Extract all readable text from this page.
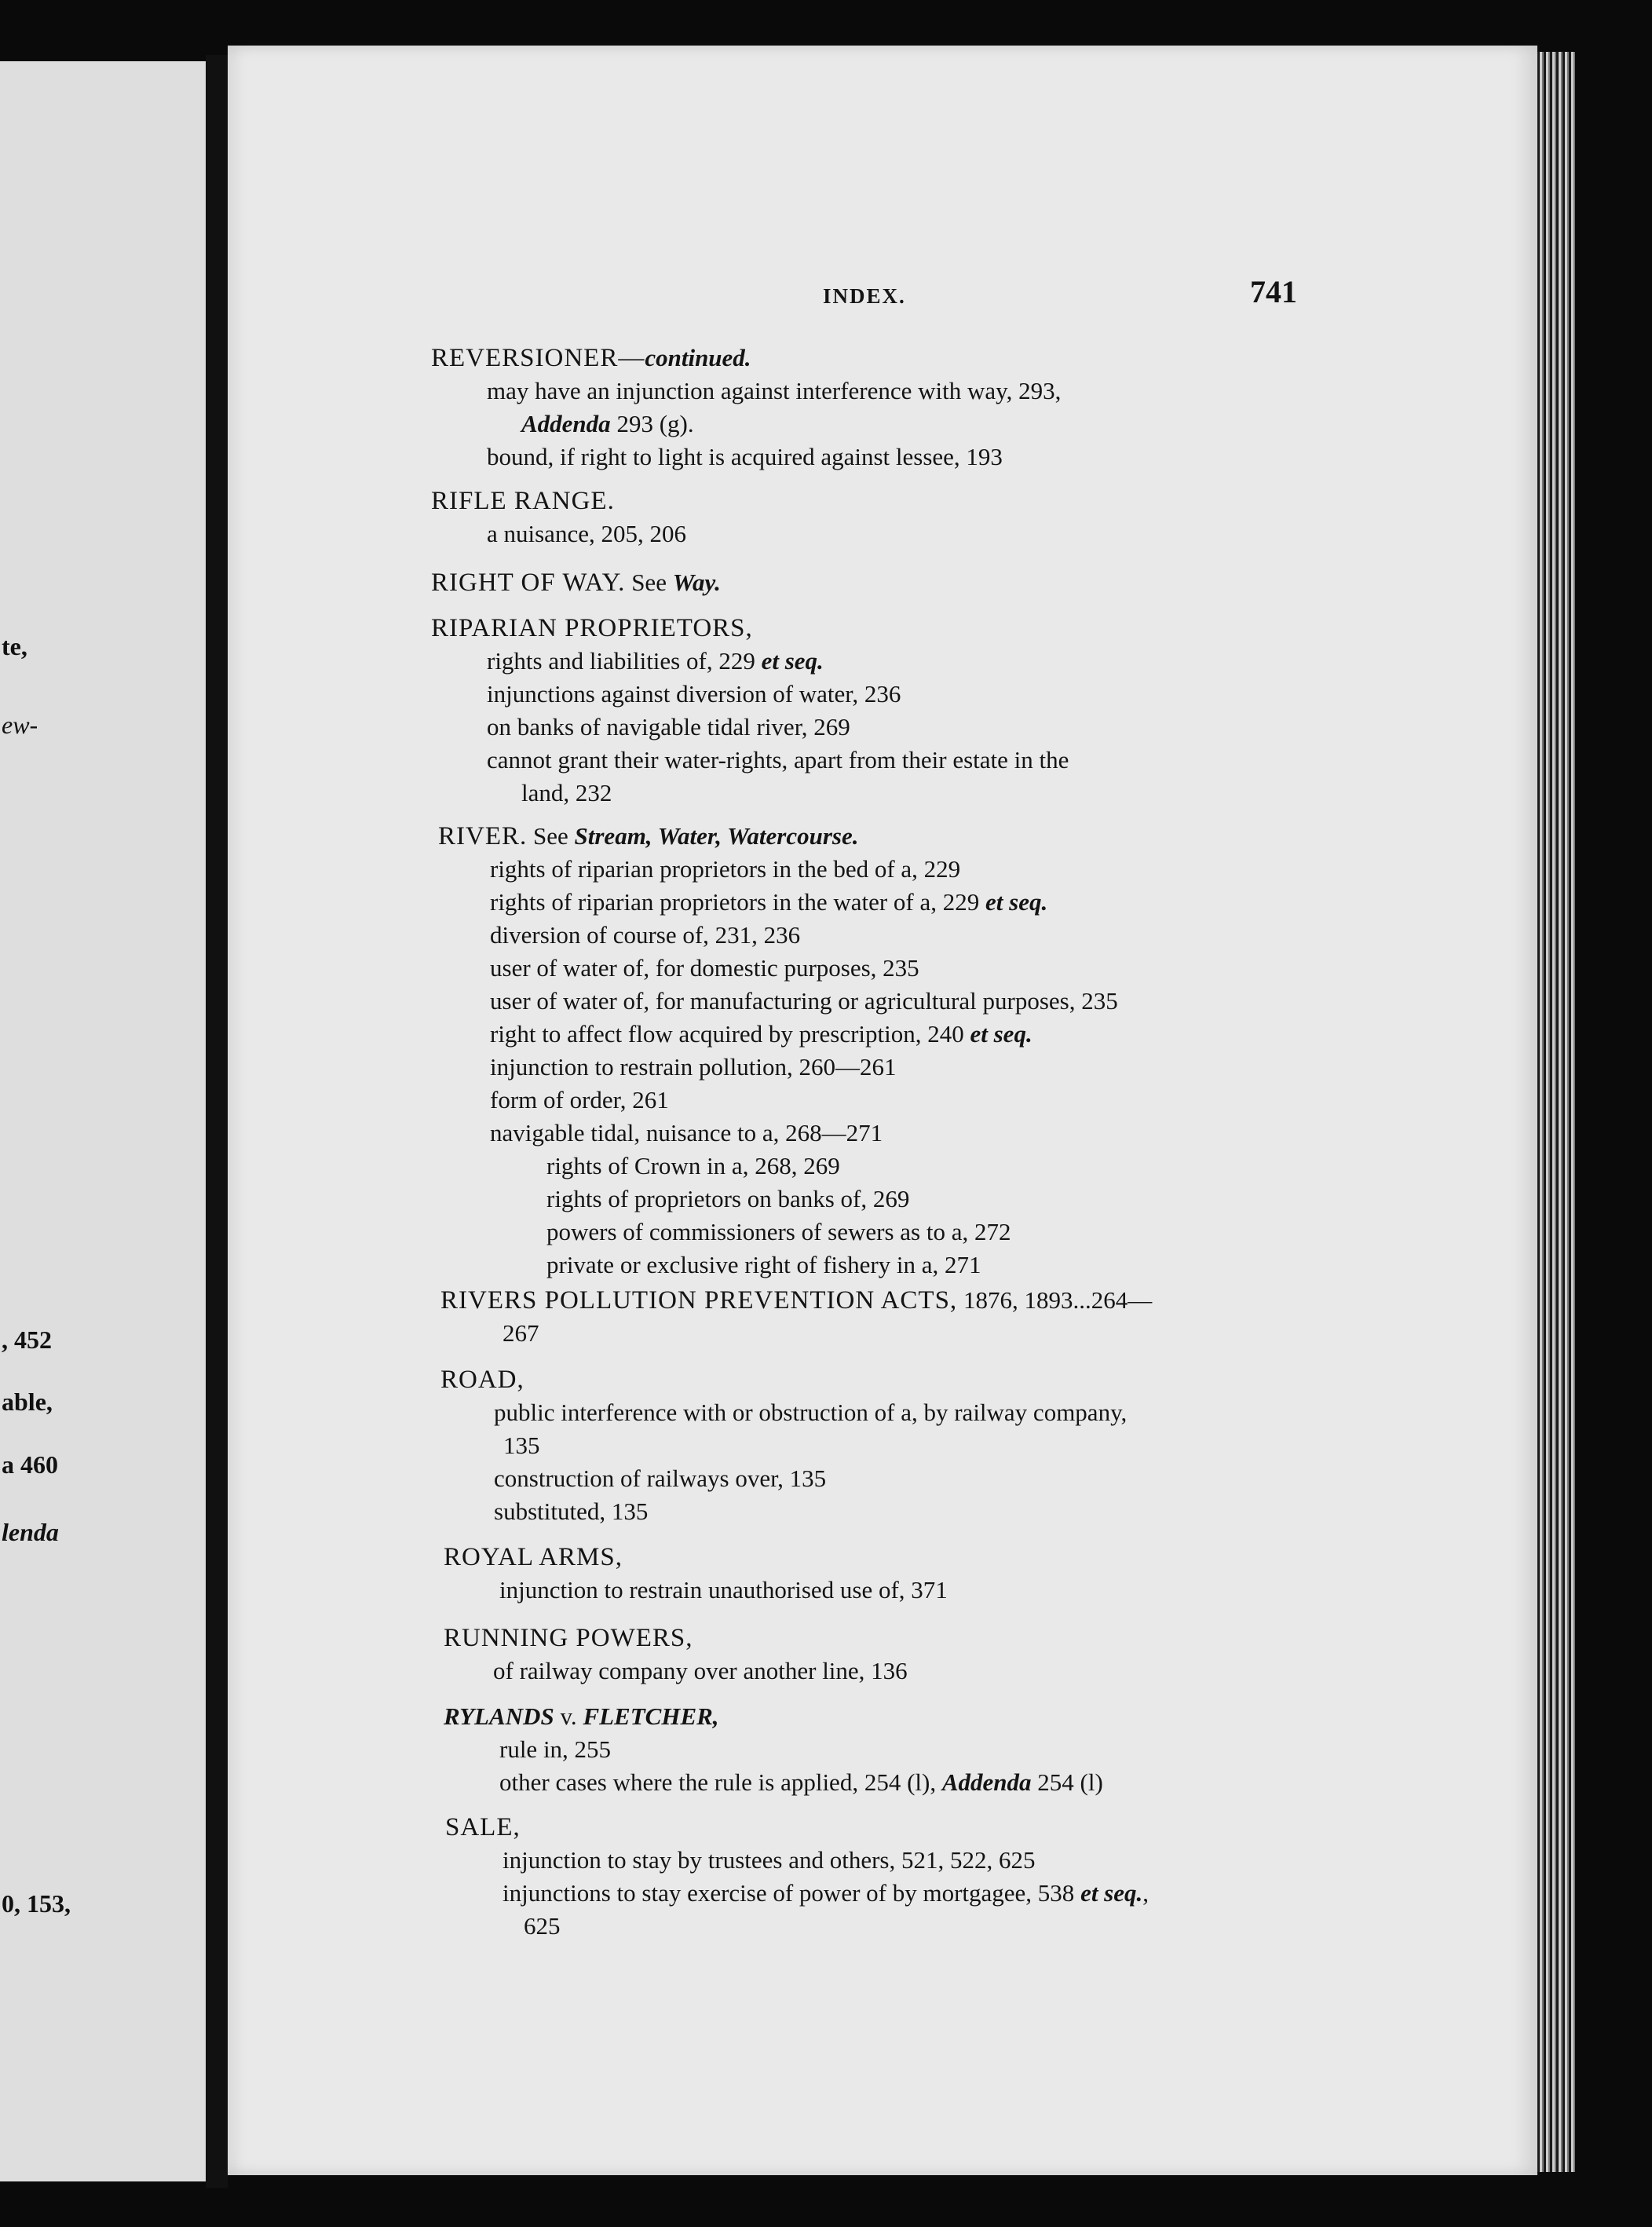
te,
ew-
, 452
able,
a 460
lenda
0, 153,
INDEX.	741
REVERSIONER—continued.
may have an injunction against interference with way, 293,
Addenda 293 (g).
bound, if right to light is acquired against lessee, 193
RIFLE RANGE.
a nuisance, 205, 206
RIGHT OF WAY. See Way.
RIPARIAN PROPRIETORS,
rights and liabilities of, 229 et seq.
injunctions against diversion of water, 236
on banks of navigable tidal river, 269
cannot grant their water-rights, apart from their estate in the
land, 232
RIVER. See Stream, Water, Watercourse.
rights of riparian proprietors in the bed of a, 229
rights of riparian proprietors in the water of a, 229 et seq.
diversion of course of, 231, 236
user of water of, for domestic purposes, 235
user of water of, for manufacturing or agricultural purposes, 235
right to affect flow acquired by prescription, 240 et seq.
injunction to restrain pollution, 260—261
form of order, 261
navigable tidal, nuisance to a, 268—271
rights of Crown in a, 268, 269
rights of proprietors on banks of, 269
powers of commissioners of sewers as to a, 272
private or exclusive right of fishery in a, 271
RIVERS POLLUTION PREVENTION ACTS, 1876, 1893...264—
267
ROAD,
public interference with or obstruction of a, by railway company,
135
construction of railways over, 135
substituted, 135
ROYAL ARMS,
injunction to restrain unauthorised use of, 371
RUNNING POWERS,
of railway company over another line, 136
RYLANDS v. FLETCHER,
rule in, 255
other cases where the rule is applied, 254 (l), Addenda 254 (l)
SALE,
injunction to stay by trustees and others, 521, 522, 625
injunctions to stay exercise of power of by mortgagee, 538 et seq.,
625
